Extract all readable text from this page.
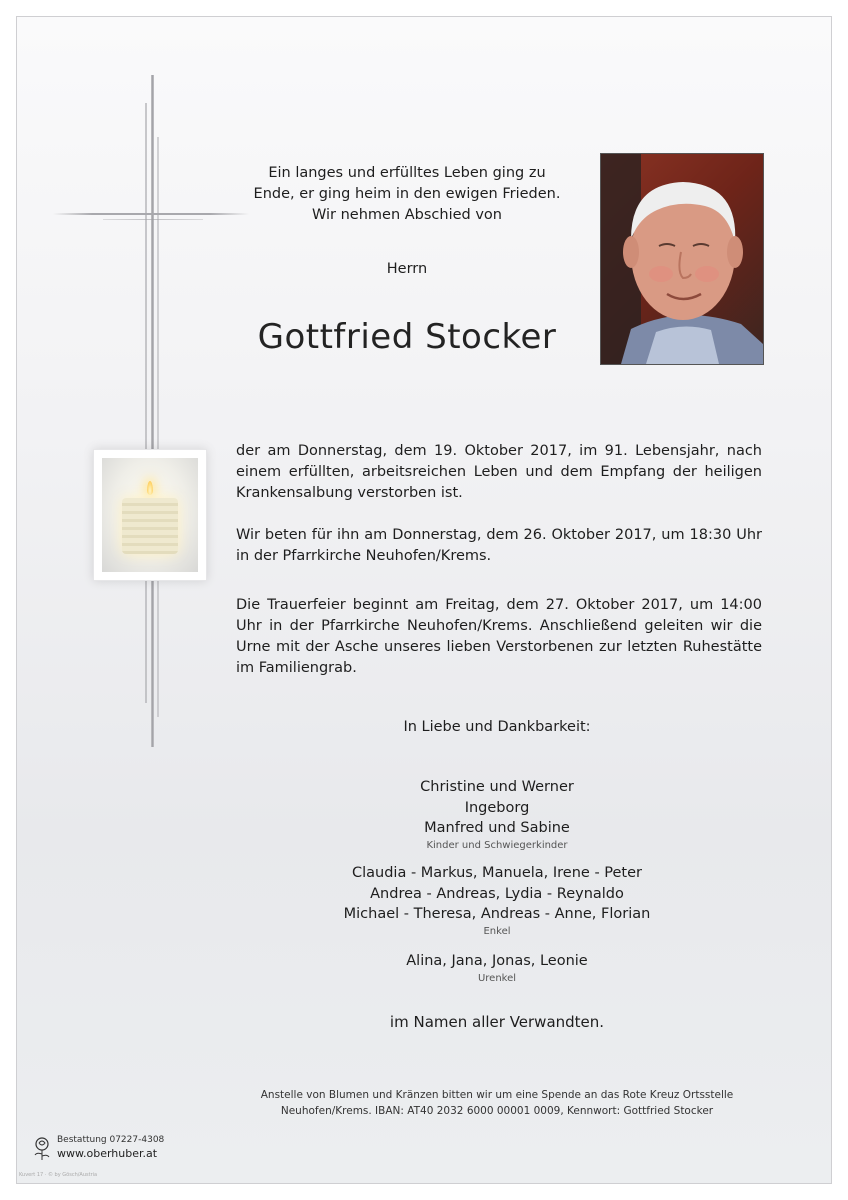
Ein langes und erfülltes Leben ging zu
Ende, er ging heim in den ewigen Frieden.
Wir nehmen Abschied von
Herrn
Gottfried Stocker
der am Donnerstag, dem 19. Oktober 2017, im 91. Lebensjahr, nach einem erfüllten, arbeitsreichen Leben und dem Empfang der heiligen Krankensalbung verstorben ist.
Wir beten für ihn am Donnerstag, dem 26. Oktober 2017, um 18:30 Uhr in der Pfarrkirche Neuhofen/Krems.
Die Trauerfeier beginnt am Freitag, dem 27. Oktober 2017, um 14:00 Uhr in der Pfarrkirche Neuhofen/Krems. Anschließend geleiten wir die Urne mit der Asche unseres lieben Verstorbenen zur letzten Ruhestätte im Familiengrab.
In Liebe und Dankbarkeit:
Christine und Werner
Ingeborg
Manfred und Sabine
Kinder und Schwiegerkinder
Claudia - Markus, Manuela, Irene - Peter
Andrea - Andreas, Lydia - Reynaldo
Michael - Theresa, Andreas - Anne, Florian
Enkel
Alina, Jana, Jonas, Leonie
Urenkel
im Namen aller Verwandten.
Anstelle von Blumen und Kränzen bitten wir um eine Spende an das Rote Kreuz Ortsstelle
Neuhofen/Krems. IBAN: AT40 2032 6000 00001 0009, Kennwort: Gottfried Stocker
Bestattung 07227-4308
www.oberhuber.at
Kuvert 17 · © by Gösch/Austria
